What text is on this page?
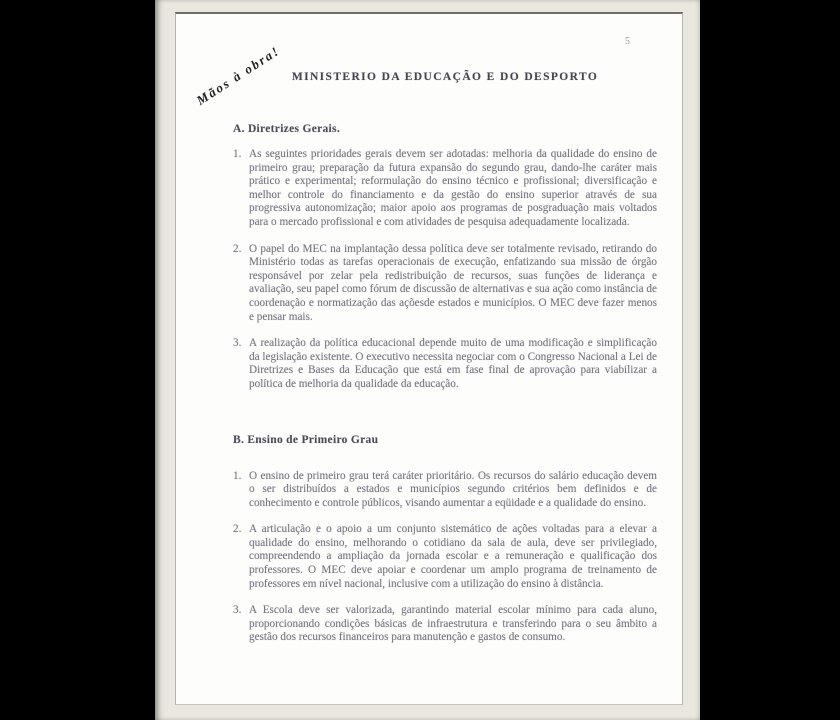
Mãos à obra!
5
MINISTERIO DA EDUCAÇÃO E DO DESPORTO
A. Diretrizes Gerais.
1. As seguintes prioridades gerais devem ser adotadas: melhoria da qualidade do ensino de primeiro grau; preparação da futura expansão do segundo grau, dando-lhe caráter mais prático e experimental; reformulação do ensino técnico e profissional; diversificação e melhor controle do financiamento e da gestão do ensino superior através de sua progressiva autonomização; maior apoio aos programas de posgraduação mais voltados para o mercado profissional e com atividades de pesquisa adequadamente localizada.
2. O papel do MEC na implantação dessa política deve ser totalmente revisado, retirando do Ministério todas as tarefas operacionais de execução, enfatizando sua missão de órgão responsável por zelar pela redistribuição de recursos, suas funções de liderança e avaliação, seu papel como fórum de discussão de alternativas e sua ação como instância de coordenação e normatização das açõesde estados e municípios. O MEC deve fazer menos e pensar mais.
3. A realização da política educacional depende muito de uma modificação e simplificação da legislação existente. O executivo necessita negociar com o Congresso Nacional a Lei de Diretrizes e Bases da Educação que está em fase final de aprovação para viabilizar a política de melhoria da qualidade da educação.
B. Ensino de Primeiro Grau
1. O ensino de primeiro grau terá caráter prioritário. Os recursos do salário educação devem o ser distribuídos a estados e municípios segundo critérios bem definidos e de conhecimento e controle públicos, visando aumentar a eqüidade e a qualidade do ensino.
2. A articulação e o apoio a um conjunto sistemático de ações voltadas para a elevar a qualidade do ensino, melhorando o cotidiano da sala de aula, deve ser privilegiado, compreendendo a ampliação da jornada escolar e a remuneração e qualificação dos professores. O MEC deve apoiar e coordenar um amplo programa de treinamento de professores em nível nacional, inclusive com a utilização do ensino à distância.
3. A Escola deve ser valorizada, garantindo material escolar mínimo para cada aluno, proporcionando condições básicas de infraestrutura e transferindo para o seu âmbito a gestão dos recursos financeiros para manutenção e gastos de consumo.
